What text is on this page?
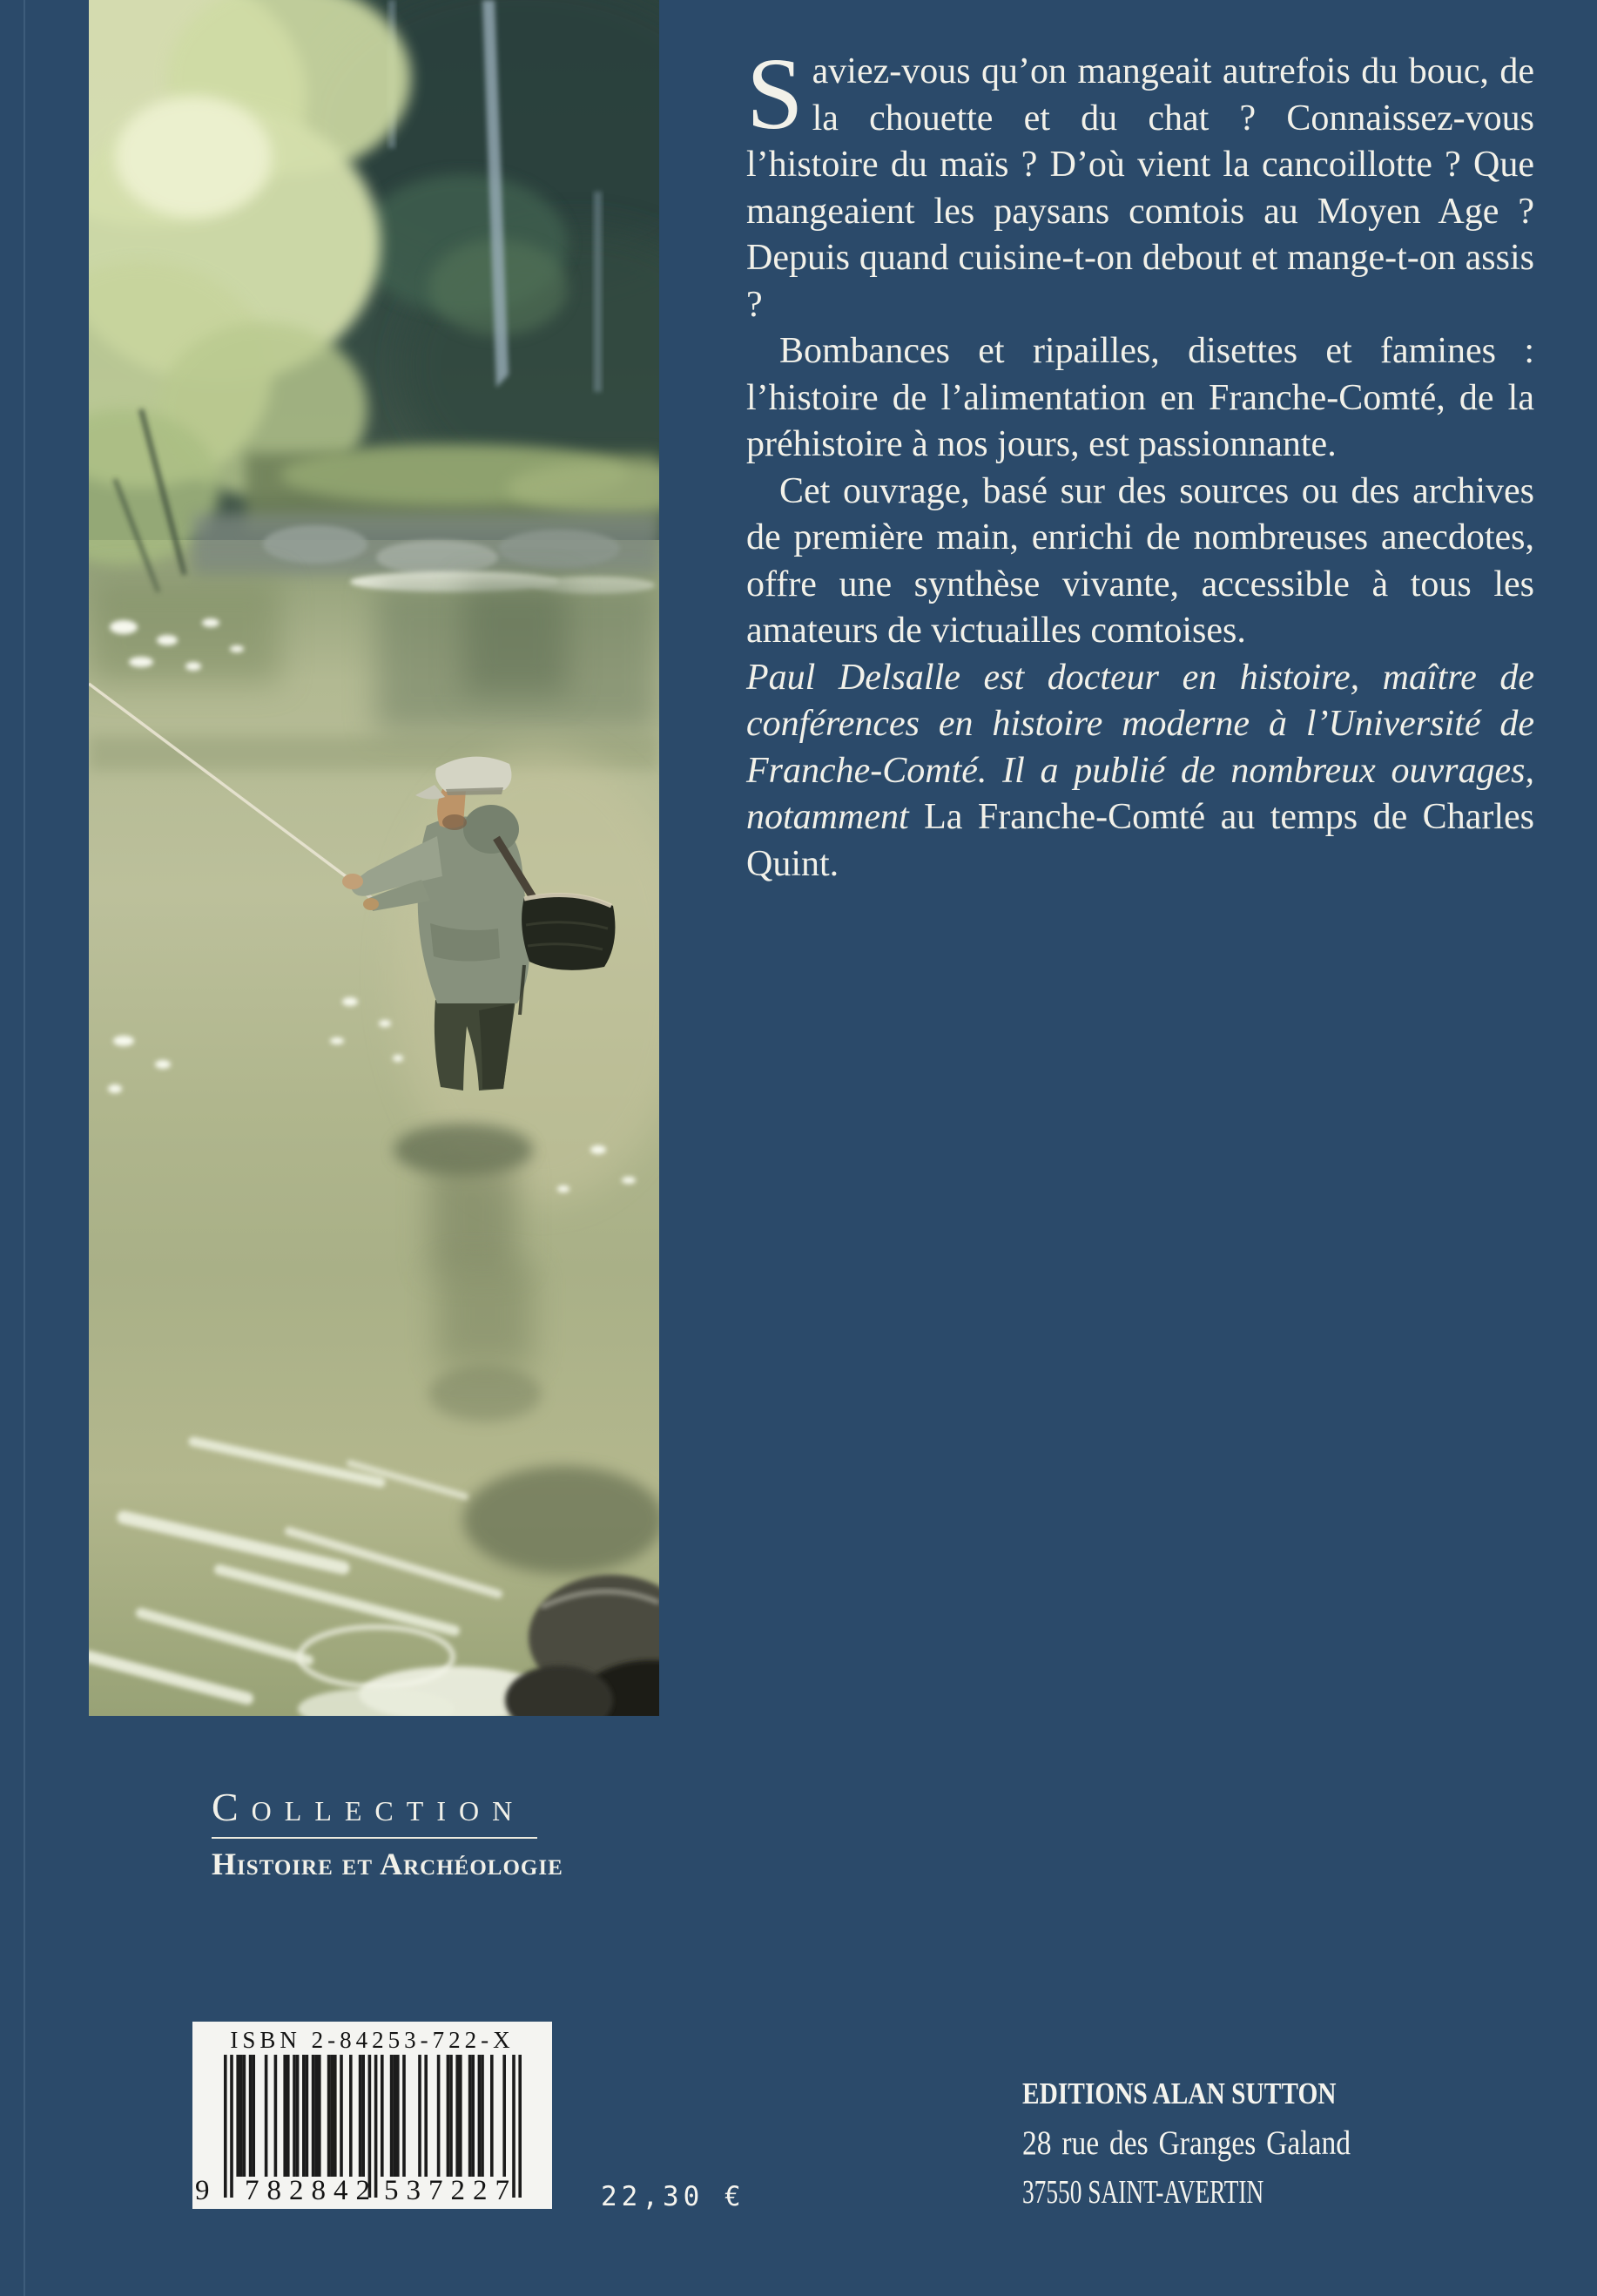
Saviez-vous qu’on mangeait autrefois du bouc, de la chouette et du chat ? Connaissez-vous l’histoire du maïs ? D’où vient la cancoillotte ? Que mangeaient les paysans comtois au Moyen Age ? Depuis quand cuisine-t-on debout et mange-t-on assis ?

Bombances et ripailles, disettes et famines : l’histoire de l’alimentation en Franche-Comté, de la préhistoire à nos jours, est passionnante.

Cet ouvrage, basé sur des sources ou des archives de première main, enrichi de nombreuses anecdotes, offre une synthèse vivante, accessible à tous les amateurs de victuailles comtoises.

Paul Delsalle est docteur en histoire, maître de conférences en histoire moderne à l’Université de Franche-Comté. Il a publié de nombreux ouvrages, notamment La Franche-Comté au temps de Charles Quint.

Collection
Histoire et Archéologie
ISBN 2-84253-722-X
9 782842 537227	22,30 €
EDITIONS ALAN SUTTON
28 rue des Granges Galand
37550 SAINT-AVERTIN
